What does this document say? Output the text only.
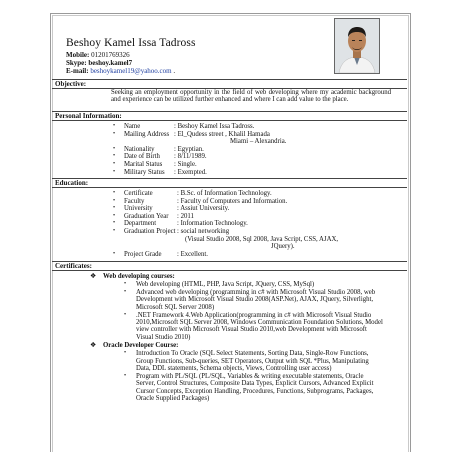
Beshoy Kamel Issa Tadross
Mobile: 01201769326
Skype: beshoy.kamel7
E-mail: beshoykamel19@yahoo.com .
Objective:
Seeking an employment opportunity in the field of web developing where my academic background and experience can be utilized further enhanced and where I can add value to the place.
Personal Information:
• Name	: Beshoy Kamel Issa Tadross.
• Mailing Address : El_Qudess street , Khalil Hamada
Miami – Alexandria.
• Nationality	: Egyptian.
• Date of Birth : 8/11/1989.
• Marital Status : Single.
• Military Status : Exempted.
Education:
• Certificate	: B.Sc. of Information Technology.
• Faculty	: Faculty of Computers and Information.
• University	: Assiut University.
• Graduation Year : 2011
• Department	: Information Technology.
• Graduation Project: social networking
(Visual Studio 2008, Sql 2008, Java Script, CSS, AJAX,
JQuery).
• Project Grade : Excellent.
Certificates:
❖ Web developing courses:
• Web developing (HTML, PHP, Java Script, JQuery, CSS, MySql)
• Advanced web developing (programming in c# with Microsoft Visual Studio 2008, web Development with Microsoft Visual Studio 2008(ASP.Net), AJAX, JQuery, Silverlight, Microsoft SQL Server 2008)
• .NET Framework 4.Web Application(programming in c# with Microsoft Visual Studio 2010,Microsoft SQL Server 2008, Windows Communication Foundation Solutions, Model view controller with Microsoft Visual Studio 2010,web Development with Microsoft Visual Studio 2010)
❖ Oracle Developer Course:
• Introduction To Oracle (SQL Select Statements, Sorting Data, Single-Row Functions, Group Functions, Sub-queries, SET Operators, Output with SQL *Plus, Manipulating Data, DDL statements, Schema objects, Views, Controlling user access)
• Program with PL/SQL (PL/SQL, Variables & writing executable statements, Oracle Server, Control Structures, Composite Data Types, Explicit Cursors, Advanced Explicit Cursor Concepts, Exception Handling, Procedures, Functions, Subprograms, Packages, Oracle Supplied Packages)
